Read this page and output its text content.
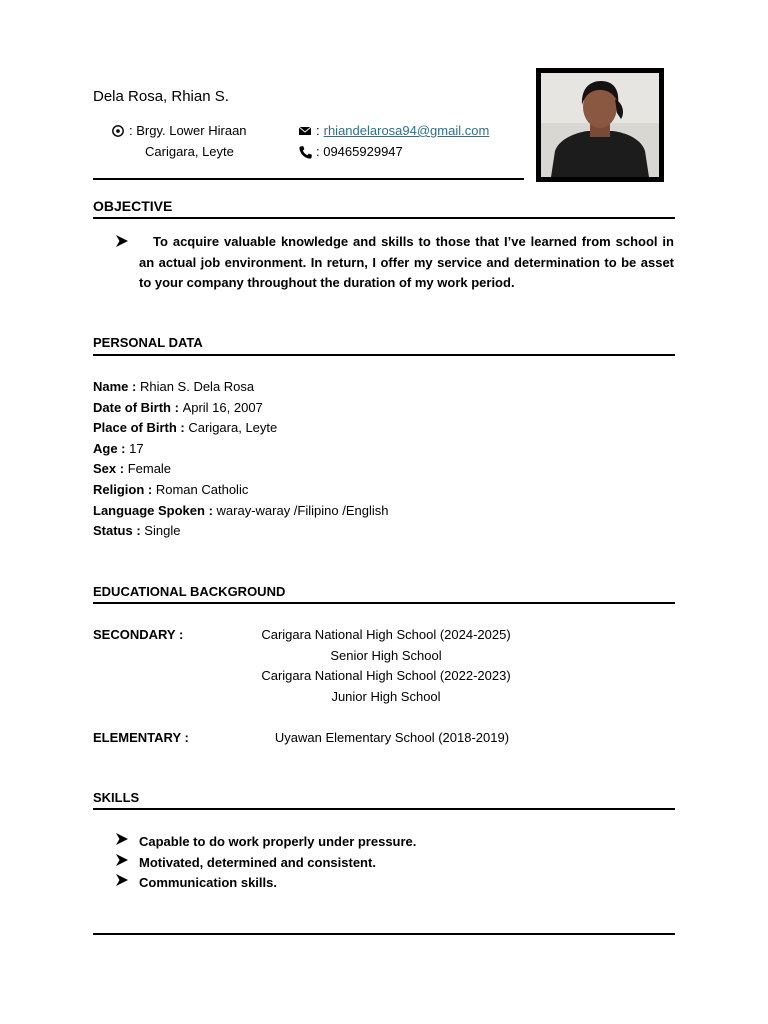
Dela Rosa, Rhian S.
: Brgy. Lower Hiraan
Carigara, Leyte
: rhiandelarosa94@gmail.com
: 09465929947
OBJECTIVE
To acquire valuable knowledge and skills to those that I’ve learned from school in an actual job environment. In return, I offer my service and determination to be asset to your company throughout the duration of my work period.
PERSONAL DATA
Name : Rhian S. Dela Rosa
Date of Birth : April 16, 2007
Place of Birth : Carigara, Leyte
Age : 17
Sex : Female
Religion : Roman Catholic
Language Spoken : waray-waray /Filipino /English
Status : Single
EDUCATIONAL BACKGROUND
SECONDARY :	Carigara National High School (2024-2025)
Senior High School
Carigara National High School (2022-2023)
Junior High School
ELEMENTARY :	Uyawan Elementary School (2018-2019)
SKILLS
Capable to do work properly under pressure.
Motivated, determined and consistent.
Communication skills.
